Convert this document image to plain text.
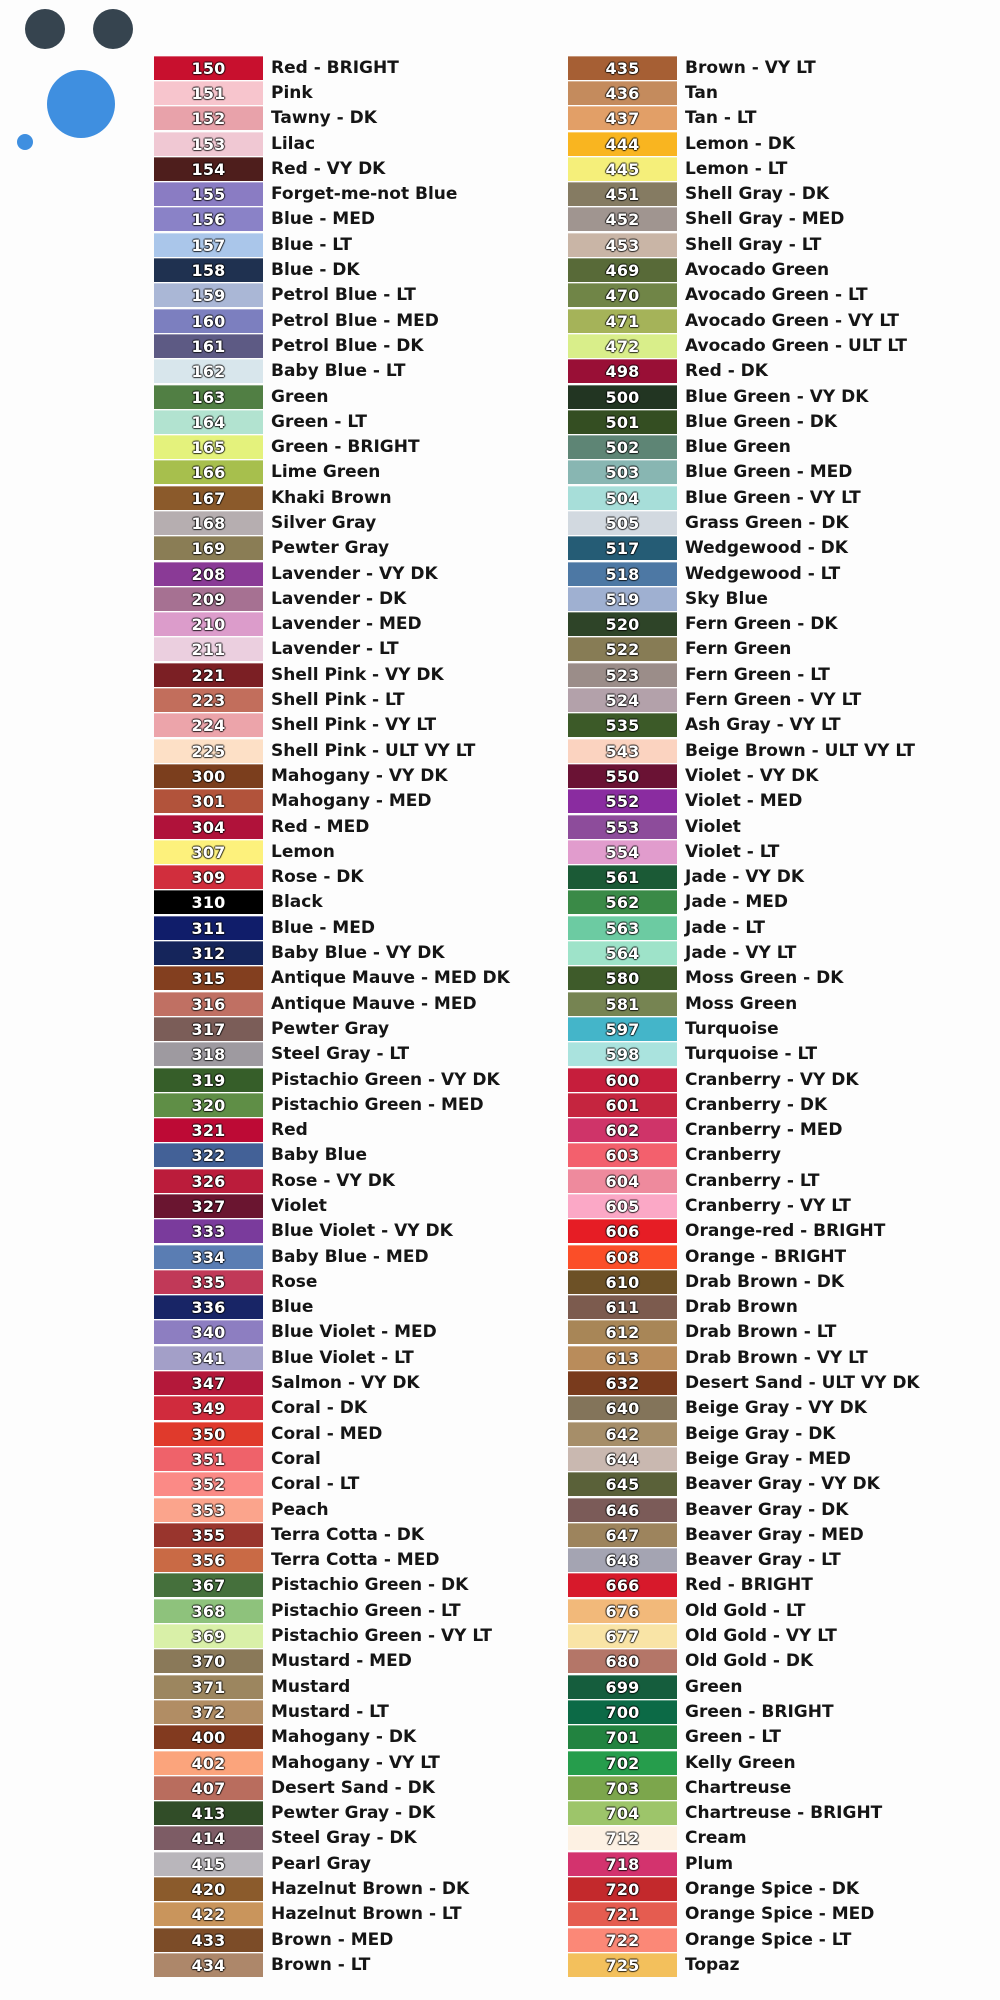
150	Red - BRIGHT
151	Pink
152	Tawny - DK
153	Lilac
154	Red - VY DK
155	Forget-me-not Blue
156	Blue - MED
157	Blue - LT
158	Blue - DK
159	Petrol Blue - LT
160	Petrol Blue - MED
161	Petrol Blue - DK
162	Baby Blue - LT
163	Green
164	Green - LT
165	Green - BRIGHT
166	Lime Green
167	Khaki Brown
168	Silver Gray
169	Pewter Gray
208	Lavender - VY DK
209	Lavender - DK
210	Lavender - MED
211	Lavender - LT
221	Shell Pink - VY DK
223	Shell Pink - LT
224	Shell Pink - VY LT
225	Shell Pink - ULT VY LT
300	Mahogany - VY DK
301	Mahogany - MED
304	Red - MED
307	Lemon
309	Rose - DK
310	Black
311	Blue - MED
312	Baby Blue - VY DK
315	Antique Mauve - MED DK
316	Antique Mauve - MED
317	Pewter Gray
318	Steel Gray - LT
319	Pistachio Green - VY DK
320	Pistachio Green - MED
321	Red
322	Baby Blue
326	Rose - VY DK
327	Violet
333	Blue Violet - VY DK
334	Baby Blue - MED
335	Rose
336	Blue
340	Blue Violet - MED
341	Blue Violet - LT
347	Salmon - VY DK
349	Coral - DK
350	Coral - MED
351	Coral
352	Coral - LT
353	Peach
355	Terra Cotta - DK
356	Terra Cotta - MED
367	Pistachio Green - DK
368	Pistachio Green - LT
369	Pistachio Green - VY LT
370	Mustard - MED
371	Mustard
372	Mustard - LT
400	Mahogany - DK
402	Mahogany - VY LT
407	Desert Sand - DK
413	Pewter Gray - DK
414	Steel Gray - DK
415	Pearl Gray
420	Hazelnut Brown - DK
422	Hazelnut Brown - LT
433	Brown - MED
434	Brown - LT
435	Brown - VY LT
436	Tan
437	Tan - LT
444	Lemon - DK
445	Lemon - LT
451	Shell Gray - DK
452	Shell Gray - MED
453	Shell Gray - LT
469	Avocado Green
470	Avocado Green - LT
471	Avocado Green - VY LT
472	Avocado Green - ULT LT
498	Red - DK
500	Blue Green - VY DK
501	Blue Green - DK
502	Blue Green
503	Blue Green - MED
504	Blue Green - VY LT
505	Grass Green - DK
517	Wedgewood - DK
518	Wedgewood - LT
519	Sky Blue
520	Fern Green - DK
522	Fern Green
523	Fern Green - LT
524	Fern Green - VY LT
535	Ash Gray - VY LT
543	Beige Brown - ULT VY LT
550	Violet - VY DK
552	Violet - MED
553	Violet
554	Violet - LT
561	Jade - VY DK
562	Jade - MED
563	Jade - LT
564	Jade - VY LT
580	Moss Green - DK
581	Moss Green
597	Turquoise
598	Turquoise - LT
600	Cranberry - VY DK
601	Cranberry - DK
602	Cranberry - MED
603	Cranberry
604	Cranberry - LT
605	Cranberry - VY LT
606	Orange-red - BRIGHT
608	Orange - BRIGHT
610	Drab Brown - DK
611	Drab Brown
612	Drab Brown - LT
613	Drab Brown - VY LT
632	Desert Sand - ULT VY DK
640	Beige Gray - VY DK
642	Beige Gray - DK
644	Beige Gray - MED
645	Beaver Gray - VY DK
646	Beaver Gray - DK
647	Beaver Gray - MED
648	Beaver Gray - LT
666	Red - BRIGHT
676	Old Gold - LT
677	Old Gold - VY LT
680	Old Gold - DK
699	Green
700	Green - BRIGHT
701	Green - LT
702	Kelly Green
703	Chartreuse
704	Chartreuse - BRIGHT
712	Cream
718	Plum
720	Orange Spice - DK
721	Orange Spice - MED
722	Orange Spice - LT
725	Topaz
